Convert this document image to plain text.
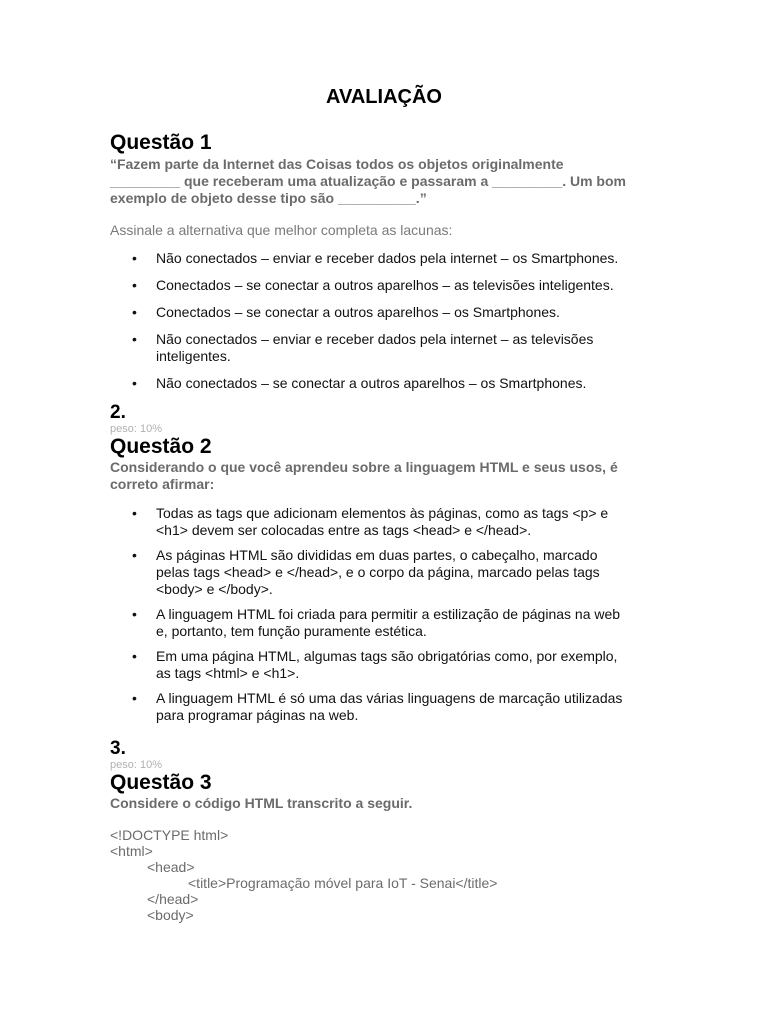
AVALIAÇÃO

Questão 1

“Fazem parte da Internet das Coisas todos os objetos originalmente
_________ que receberam uma atualização e passaram a _________. Um bom
exemplo de objeto desse tipo são __________.”

Assinale a alternativa que melhor completa as lacunas:

• Não conectados – enviar e receber dados pela internet – os Smartphones.
• Conectados – se conectar a outros aparelhos – as televisões inteligentes.
• Conectados – se conectar a outros aparelhos – os Smartphones.
• Não conectados – enviar e receber dados pela internet – as televisões
inteligentes.
• Não conectados – se conectar a outros aparelhos – os Smartphones.

2.

peso: 10%

Questão 2

Considerando o que você aprendeu sobre a linguagem HTML e seus usos, é
correto afirmar:

• Todas as tags que adicionam elementos às páginas, como as tags <p> e
<h1> devem ser colocadas entre as tags <head> e </head>.
• As páginas HTML são divididas em duas partes, o cabeçalho, marcado
pelas tags <head> e </head>, e o corpo da página, marcado pelas tags
<body> e </body>.
• A linguagem HTML foi criada para permitir a estilização de páginas na web
e, portanto, tem função puramente estética.
• Em uma página HTML, algumas tags são obrigatórias como, por exemplo,
as tags <html> e <h1>.
• A linguagem HTML é só uma das várias linguagens de marcação utilizadas
para programar páginas na web.

3.

peso: 10%

Questão 3

Considere o código HTML transcrito a seguir.

<!DOCTYPE html>
<html>
<head>
<title>Programação móvel para IoT - Senai</title>
</head>
<body>
